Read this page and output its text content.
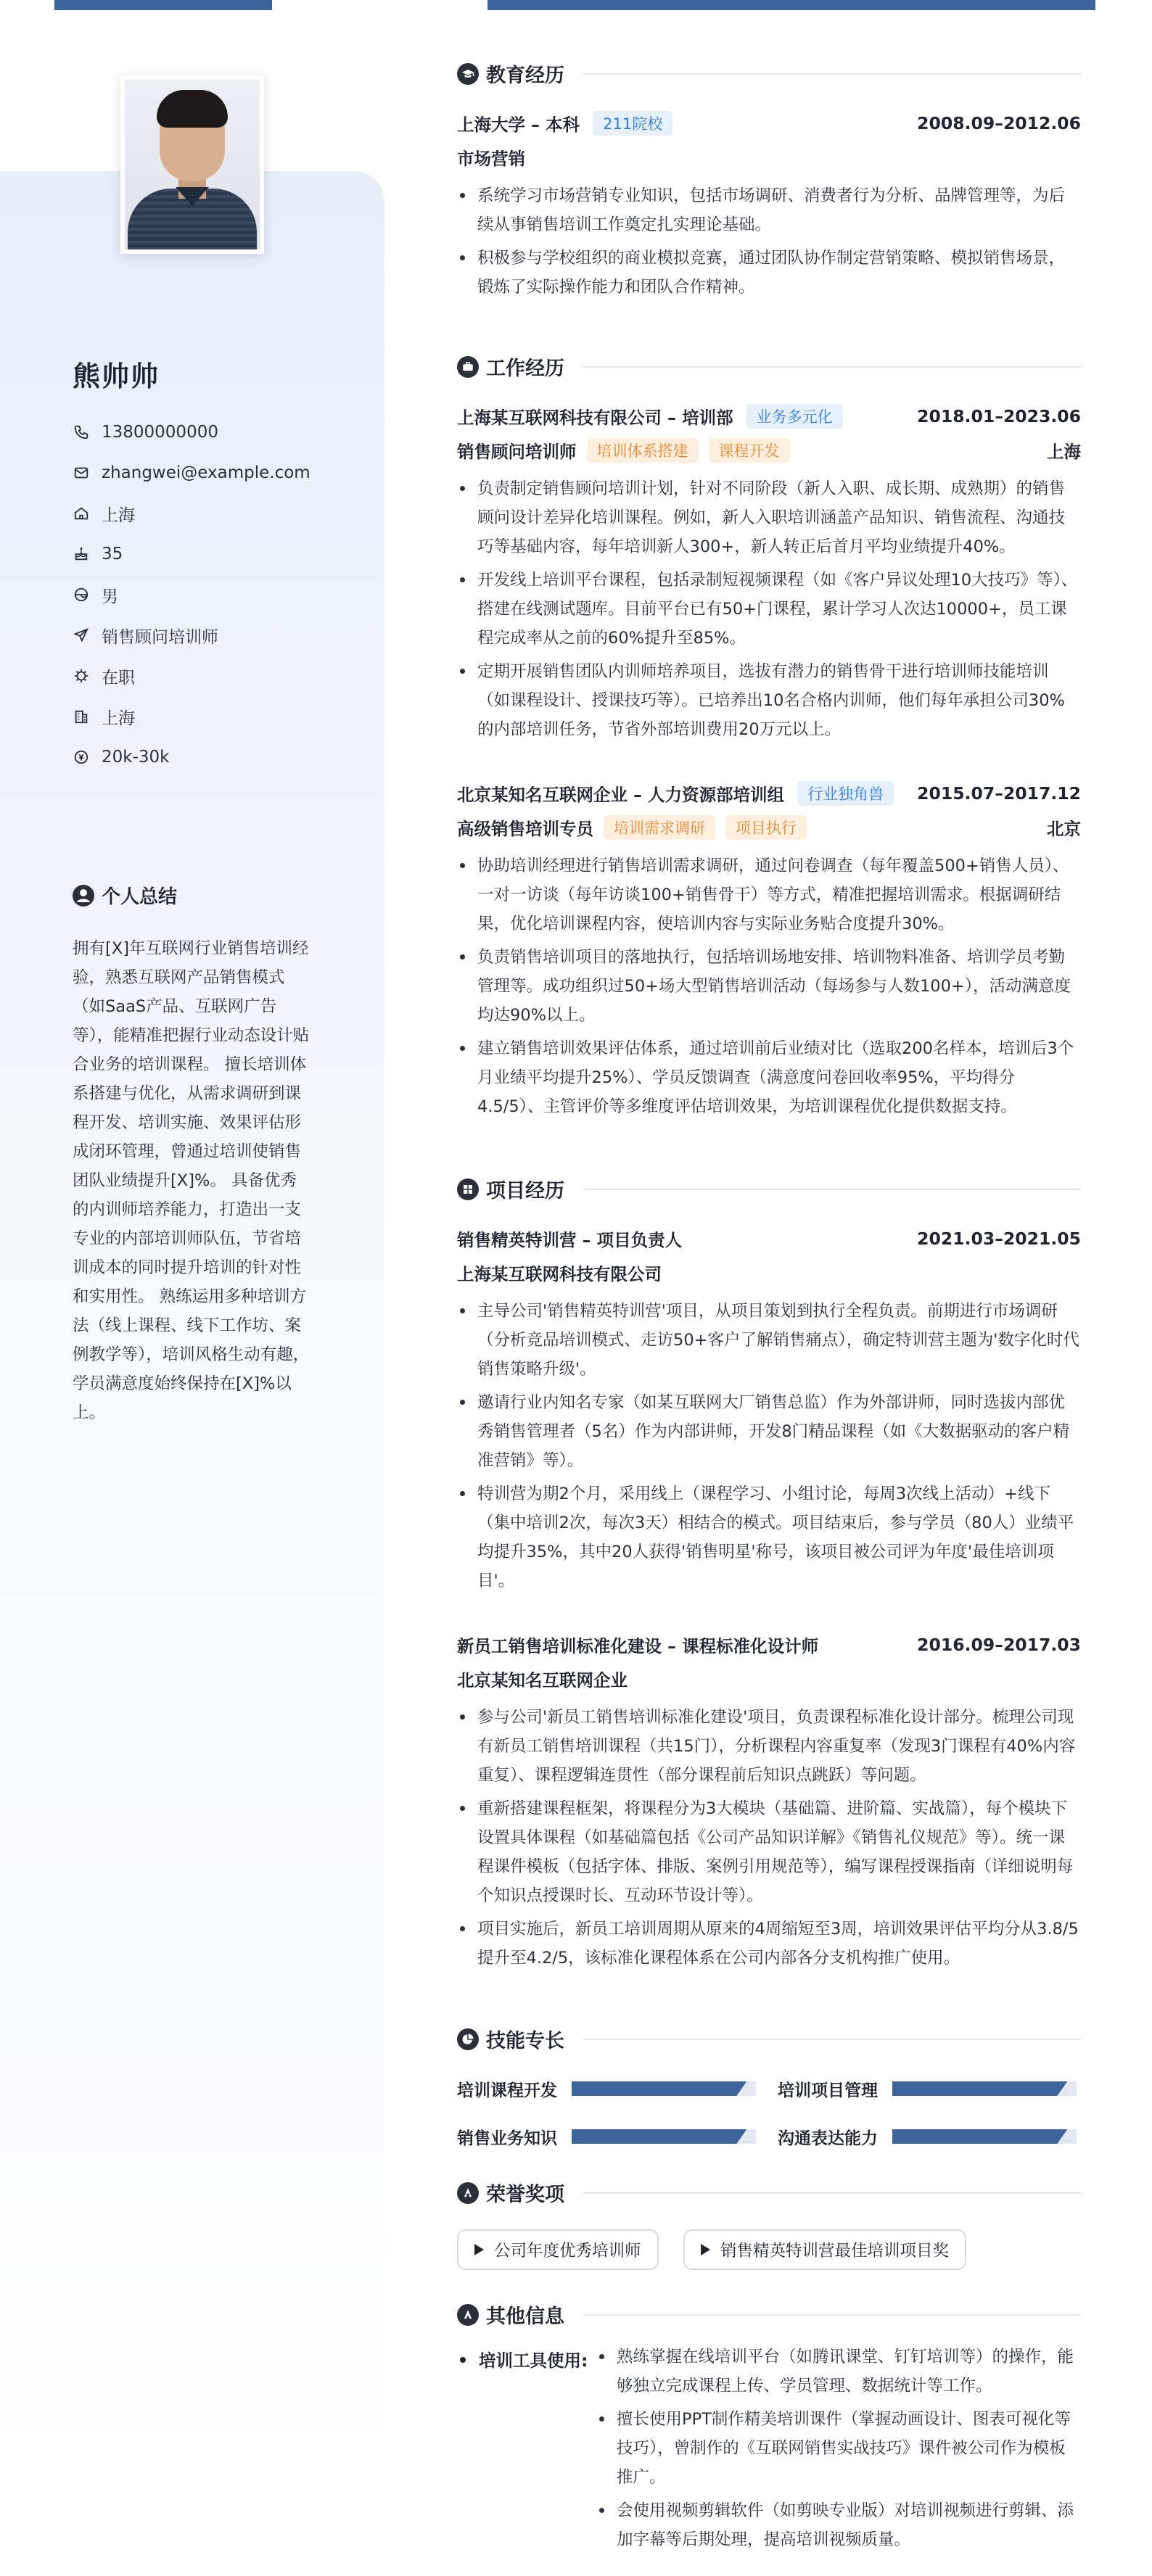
熊帅帅
13800000000
zhangwei@example.com
上海
35
男
销售顾问培训师
在职
上海
20k-30k
个人总结
拥有[X]年互联网行业销售培训经验，熟悉互联网产品销售模式（如SaaS产品、互联网广告等），能精准把握行业动态设计贴合业务的培训课程。 擅长培训体系搭建与优化，从需求调研到课程开发、培训实施、效果评估形成闭环管理，曾通过培训使销售团队业绩提升[X]%。 具备优秀的内训师培养能力，打造出一支专业的内部培训师队伍，节省培训成本的同时提升培训的针对性和实用性。 熟练运用多种培训方法（线上课程、线下工作坊、案例教学等），培训风格生动有趣，学员满意度始终保持在[X]%以上。
教育经历
上海大学 – 本科	211院校	2008.09–2012.06
市场营销
系统学习市场营销专业知识，包括市场调研、消费者行为分析、品牌管理等，为后续从事销售培训工作奠定扎实理论基础。
积极参与学校组织的商业模拟竞赛，通过团队协作制定营销策略、模拟销售场景，锻炼了实际操作能力和团队合作精神。
工作经历
上海某互联网科技有限公司 – 培训部	业务多元化	2018.01–2023.06
销售顾问培训师	培训体系搭建	课程开发	上海
负责制定销售顾问培训计划，针对不同阶段（新人入职、成长期、成熟期）的销售顾问设计差异化培训课程。例如，新人入职培训涵盖产品知识、销售流程、沟通技巧等基础内容，每年培训新人300+，新人转正后首月平均业绩提升40%。
开发线上培训平台课程，包括录制短视频课程（如《客户异议处理10大技巧》等）、搭建在线测试题库。目前平台已有50+门课程，累计学习人次达10000+，员工课程完成率从之前的60%提升至85%。
定期开展销售团队内训师培养项目，选拔有潜力的销售骨干进行培训师技能培训（如课程设计、授课技巧等）。已培养出10名合格内训师，他们每年承担公司30%的内部培训任务，节省外部培训费用20万元以上。
北京某知名互联网企业 – 人力资源部培训组	行业独角兽	2015.07–2017.12
高级销售培训专员	培训需求调研	项目执行	北京
协助培训经理进行销售培训需求调研，通过问卷调查（每年覆盖500+销售人员）、一对一访谈（每年访谈100+销售骨干）等方式，精准把握培训需求。根据调研结果，优化培训课程内容，使培训内容与实际业务贴合度提升30%。
负责销售培训项目的落地执行，包括培训场地安排、培训物料准备、培训学员考勤管理等。成功组织过50+场大型销售培训活动（每场参与人数100+），活动满意度均达90%以上。
建立销售培训效果评估体系，通过培训前后业绩对比（选取200名样本，培训后3个月业绩平均提升25%）、学员反馈调查（满意度问卷回收率95%，平均得分4.5/5）、主管评价等多维度评估培训效果，为培训课程优化提供数据支持。
项目经历
销售精英特训营 – 项目负责人	2021.03–2021.05
上海某互联网科技有限公司
主导公司'销售精英特训营'项目，从项目策划到执行全程负责。前期进行市场调研（分析竞品培训模式、走访50+客户了解销售痛点），确定特训营主题为'数字化时代销售策略升级'。
邀请行业内知名专家（如某互联网大厂销售总监）作为外部讲师，同时选拔内部优秀销售管理者（5名）作为内部讲师，开发8门精品课程（如《大数据驱动的客户精准营销》等）。
特训营为期2个月，采用线上（课程学习、小组讨论，每周3次线上活动）+线下（集中培训2次，每次3天）相结合的模式。项目结束后，参与学员（80人）业绩平均提升35%，其中20人获得'销售明星'称号，该项目被公司评为年度'最佳培训项目'。
新员工销售培训标准化建设 – 课程标准化设计师	2016.09–2017.03
北京某知名互联网企业
参与公司'新员工销售培训标准化建设'项目，负责课程标准化设计部分。梳理公司现有新员工销售培训课程（共15门），分析课程内容重复率（发现3门课程有40%内容重复）、课程逻辑连贯性（部分课程前后知识点跳跃）等问题。
重新搭建课程框架，将课程分为3大模块（基础篇、进阶篇、实战篇），每个模块下设置具体课程（如基础篇包括《公司产品知识详解》《销售礼仪规范》等）。统一课程课件模板（包括字体、排版、案例引用规范等），编写课程授课指南（详细说明每个知识点授课时长、互动环节设计等）。
项目实施后，新员工培训周期从原来的4周缩短至3周，培训效果评估平均分从3.8/5提升至4.2/5，该标准化课程体系在公司内部各分支机构推广使用。
技能专长
培训课程开发	培训项目管理
销售业务知识	沟通表达能力
荣誉奖项
公司年度优秀培训师	销售精英特训营最佳培训项目奖
其他信息
培训工具使用:	熟练掌握在线培训平台（如腾讯课堂、钉钉培训等）的操作，能够独立完成课程上传、学员管理、数据统计等工作。
擅长使用PPT制作精美培训课件（掌握动画设计、图表可视化等技巧），曾制作的《互联网销售实战技巧》课件被公司作为模板推广。
会使用视频剪辑软件（如剪映专业版）对培训视频进行剪辑、添加字幕等后期处理，提高培训视频质量。
